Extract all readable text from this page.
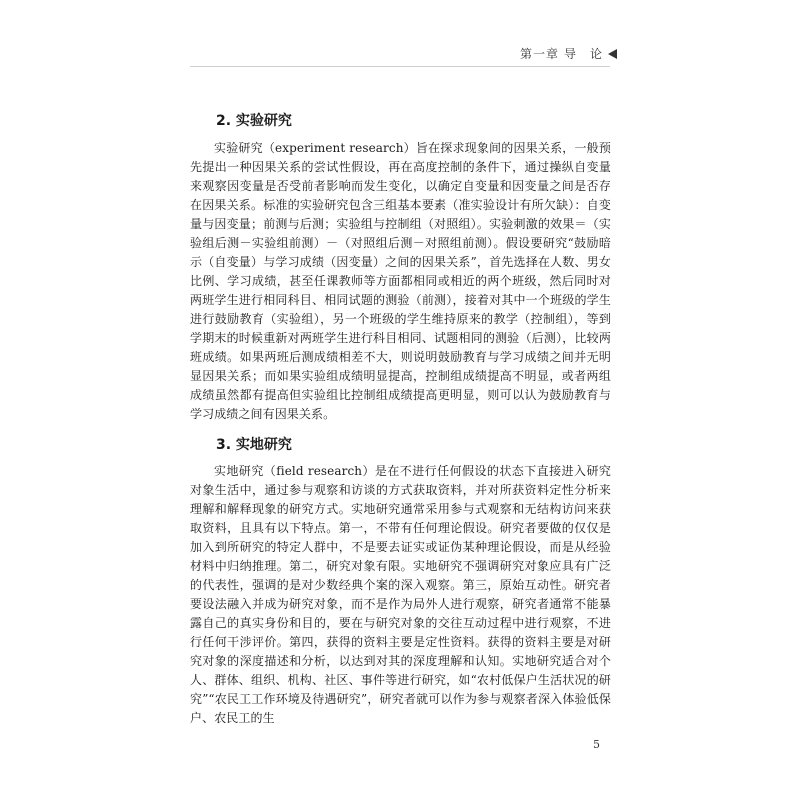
第一章 导　论
2. 实验研究

实验研究（experiment research）旨在探求现象间的因果关系，一般预先提出一种因果关系的尝试性假设，再在高度控制的条件下，通过操纵自变量来观察因变量是否受前者影响而发生变化，以确定自变量和因变量之间是否存在因果关系。标准的实验研究包含三组基本要素（准实验设计有所欠缺）：自变量与因变量；前测与后测；实验组与控制组（对照组）。实验刺激的效果＝（实验组后测－实验组前测）－（对照组后测－对照组前测）。假设要研究“鼓励暗示（自变量）与学习成绩（因变量）之间的因果关系”，首先选择在人数、男女比例、学习成绩，甚至任课教师等方面都相同或相近的两个班级，然后同时对两班学生进行相同科目、相同试题的测验（前测），接着对其中一个班级的学生进行鼓励教育（实验组），另一个班级的学生维持原来的教学（控制组），等到学期末的时候重新对两班学生进行科目相同、试题相同的测验（后测），比较两班成绩。如果两班后测成绩相差不大，则说明鼓励教育与学习成绩之间并无明显因果关系；而如果实验组成绩明显提高，控制组成绩提高不明显，或者两组成绩虽然都有提高但实验组比控制组成绩提高更明显，则可以认为鼓励教育与学习成绩之间有因果关系。

3. 实地研究

实地研究（field research）是在不进行任何假设的状态下直接进入研究对象生活中，通过参与观察和访谈的方式获取资料，并对所获资料定性分析来理解和解释现象的研究方式。实地研究通常采用参与式观察和无结构访问来获取资料，且具有以下特点。第一，不带有任何理论假设。研究者要做的仅仅是加入到所研究的特定人群中，不是要去证实或证伪某种理论假设，而是从经验材料中归纳推理。第二，研究对象有限。实地研究不强调研究对象应具有广泛的代表性，强调的是对少数经典个案的深入观察。第三，原始互动性。研究者要设法融入并成为研究对象，而不是作为局外人进行观察，研究者通常不能暴露自己的真实身份和目的，要在与研究对象的交往互动过程中进行观察，不进行任何干涉评价。第四，获得的资料主要是定性资料。获得的资料主要是对研究对象的深度描述和分析，以达到对其的深度理解和认知。实地研究适合对个人、群体、组织、机构、社区、事件等进行研究，如“农村低保户生活状况的研究”“农民工工作环境及待遇研究”，研究者就可以作为参与观察者深入体验低保户、农民工的生

5
